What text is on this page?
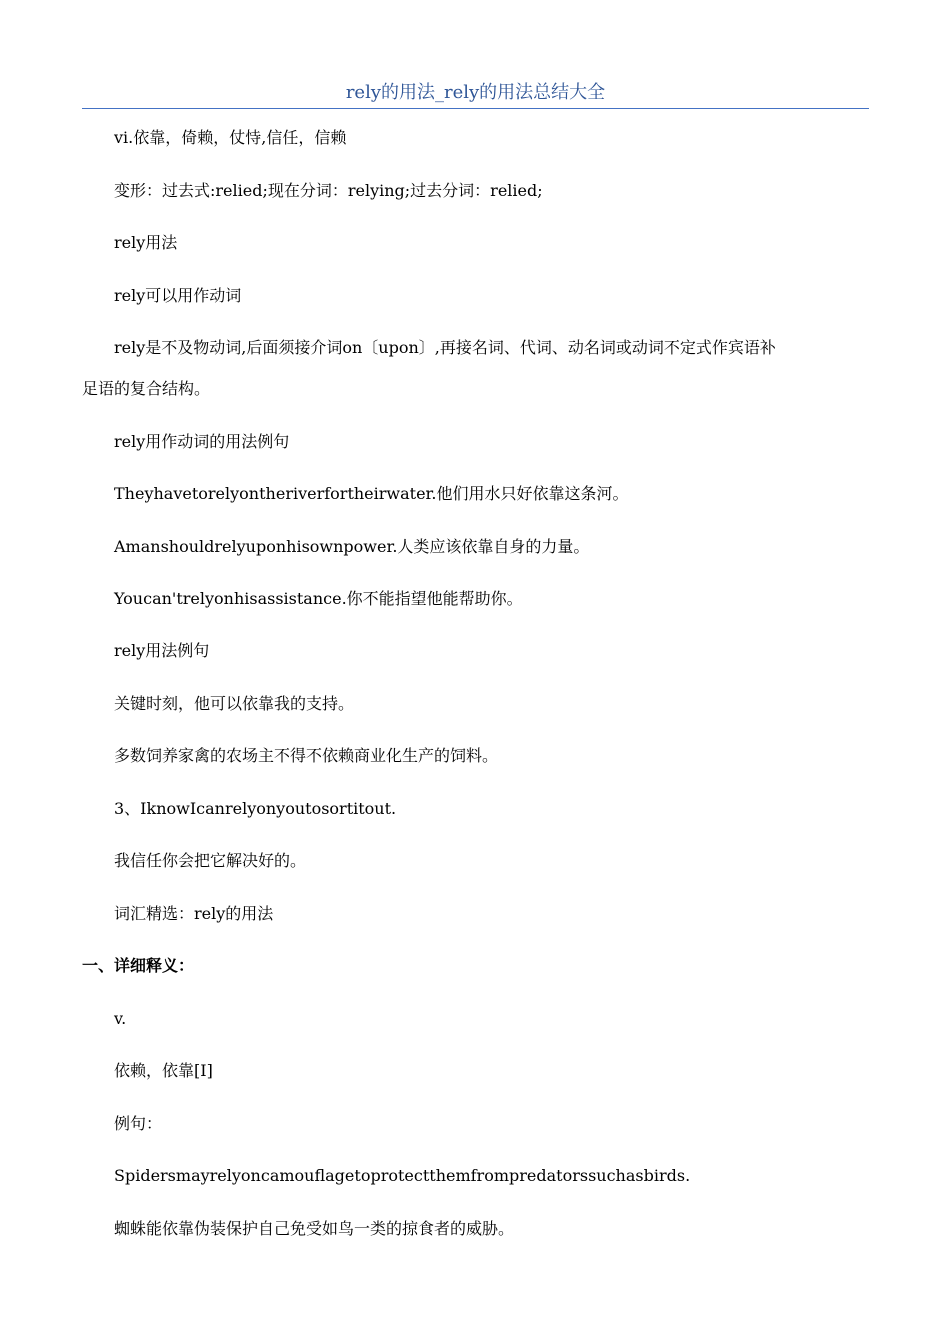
rely的用法_rely的用法总结大全
vi.依靠，倚赖，仗恃,信任，信赖
变形：过去式:relied;现在分词：relying;过去分词：relied;
rely用法
rely可以用作动词
rely是不及物动词,后面须接介词on〔upon〕,再接名词、代词、动名词或动词不定式作宾语补
足语的复合结构。
rely用作动词的用法例句
Theyhavetorelyontheriverfortheirwater.他们用水只好依靠这条河。
Amanshouldrelyuponhisownpower.人类应该依靠自身的力量。
Youcan'trelyonhisassistance.你不能指望他能帮助你。
rely用法例句
关键时刻，他可以依靠我的支持。
多数饲养家禽的农场主不得不依赖商业化生产的饲料。
3、IknowIcanrelyonyoutosortitout.
我信任你会把它解决好的。
词汇精选：rely的用法
一、详细释义：
v.
依赖，依靠[I]
例句：
Spidersmayrelyoncamouflagetoprotectthemfrompredatorssuchasbirds.
蜘蛛能依靠伪装保护自己免受如鸟一类的掠食者的威胁。
